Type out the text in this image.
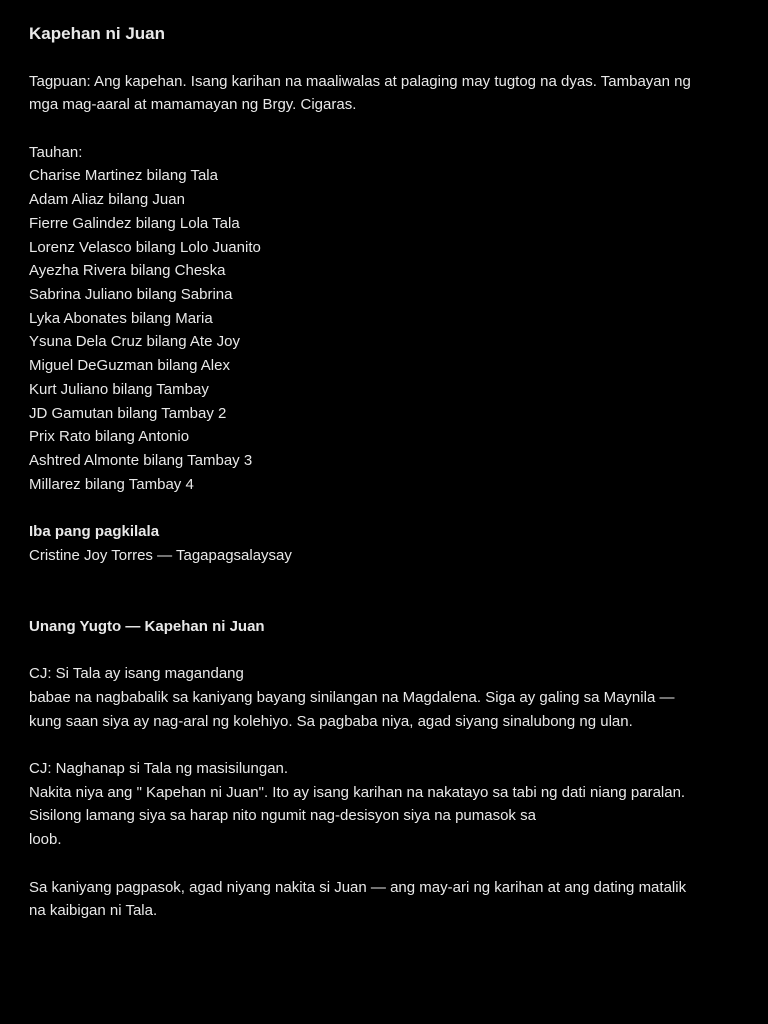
Kapehan ni Juan
Tagpuan: Ang kapehan. Isang karihan na maaliwalas at palaging may tugtog na dyas. Tambayan ng
mga mag-aaral at mamamayan ng Brgy. Cigaras.
Tauhan:
Charise Martinez bilang Tala
Adam Aliaz bilang Juan
Fierre Galindez bilang Lola Tala
Lorenz Velasco bilang Lolo Juanito
Ayezha Rivera bilang Cheska
Sabrina Juliano bilang Sabrina
Lyka Abonates bilang Maria
Ysuna Dela Cruz bilang Ate Joy
Miguel DeGuzman bilang Alex
Kurt Juliano bilang Tambay
JD Gamutan bilang Tambay 2
Prix Rato bilang Antonio
Ashtred Almonte bilang Tambay 3
Millarez bilang Tambay 4
Iba pang pagkilala
Cristine Joy Torres — Tagapagsalaysay
Unang Yugto — Kapehan ni Juan
CJ: Si Tala ay isang magandang
babae na nagbabalik sa kaniyang bayang sinilangan na Magdalena. Siga ay galing sa Maynila —
kung saan siya ay nag-aral ng kolehiyo. Sa pagbaba niya, agad siyang sinalubong ng ulan.
CJ: Naghanap si Tala ng masisilungan.
Nakita niya ang " Kapehan ni Juan". Ito ay isang karihan na nakatayo sa tabi ng dati niang paralan.
Sisilong lamang siya sa harap nito ngumit nag-desisyon siya na pumasok sa
loob.
Sa kaniyang pagpasok, agad niyang nakita si Juan — ang may-ari ng karihan at ang dating matalik
na kaibigan ni Tala.
